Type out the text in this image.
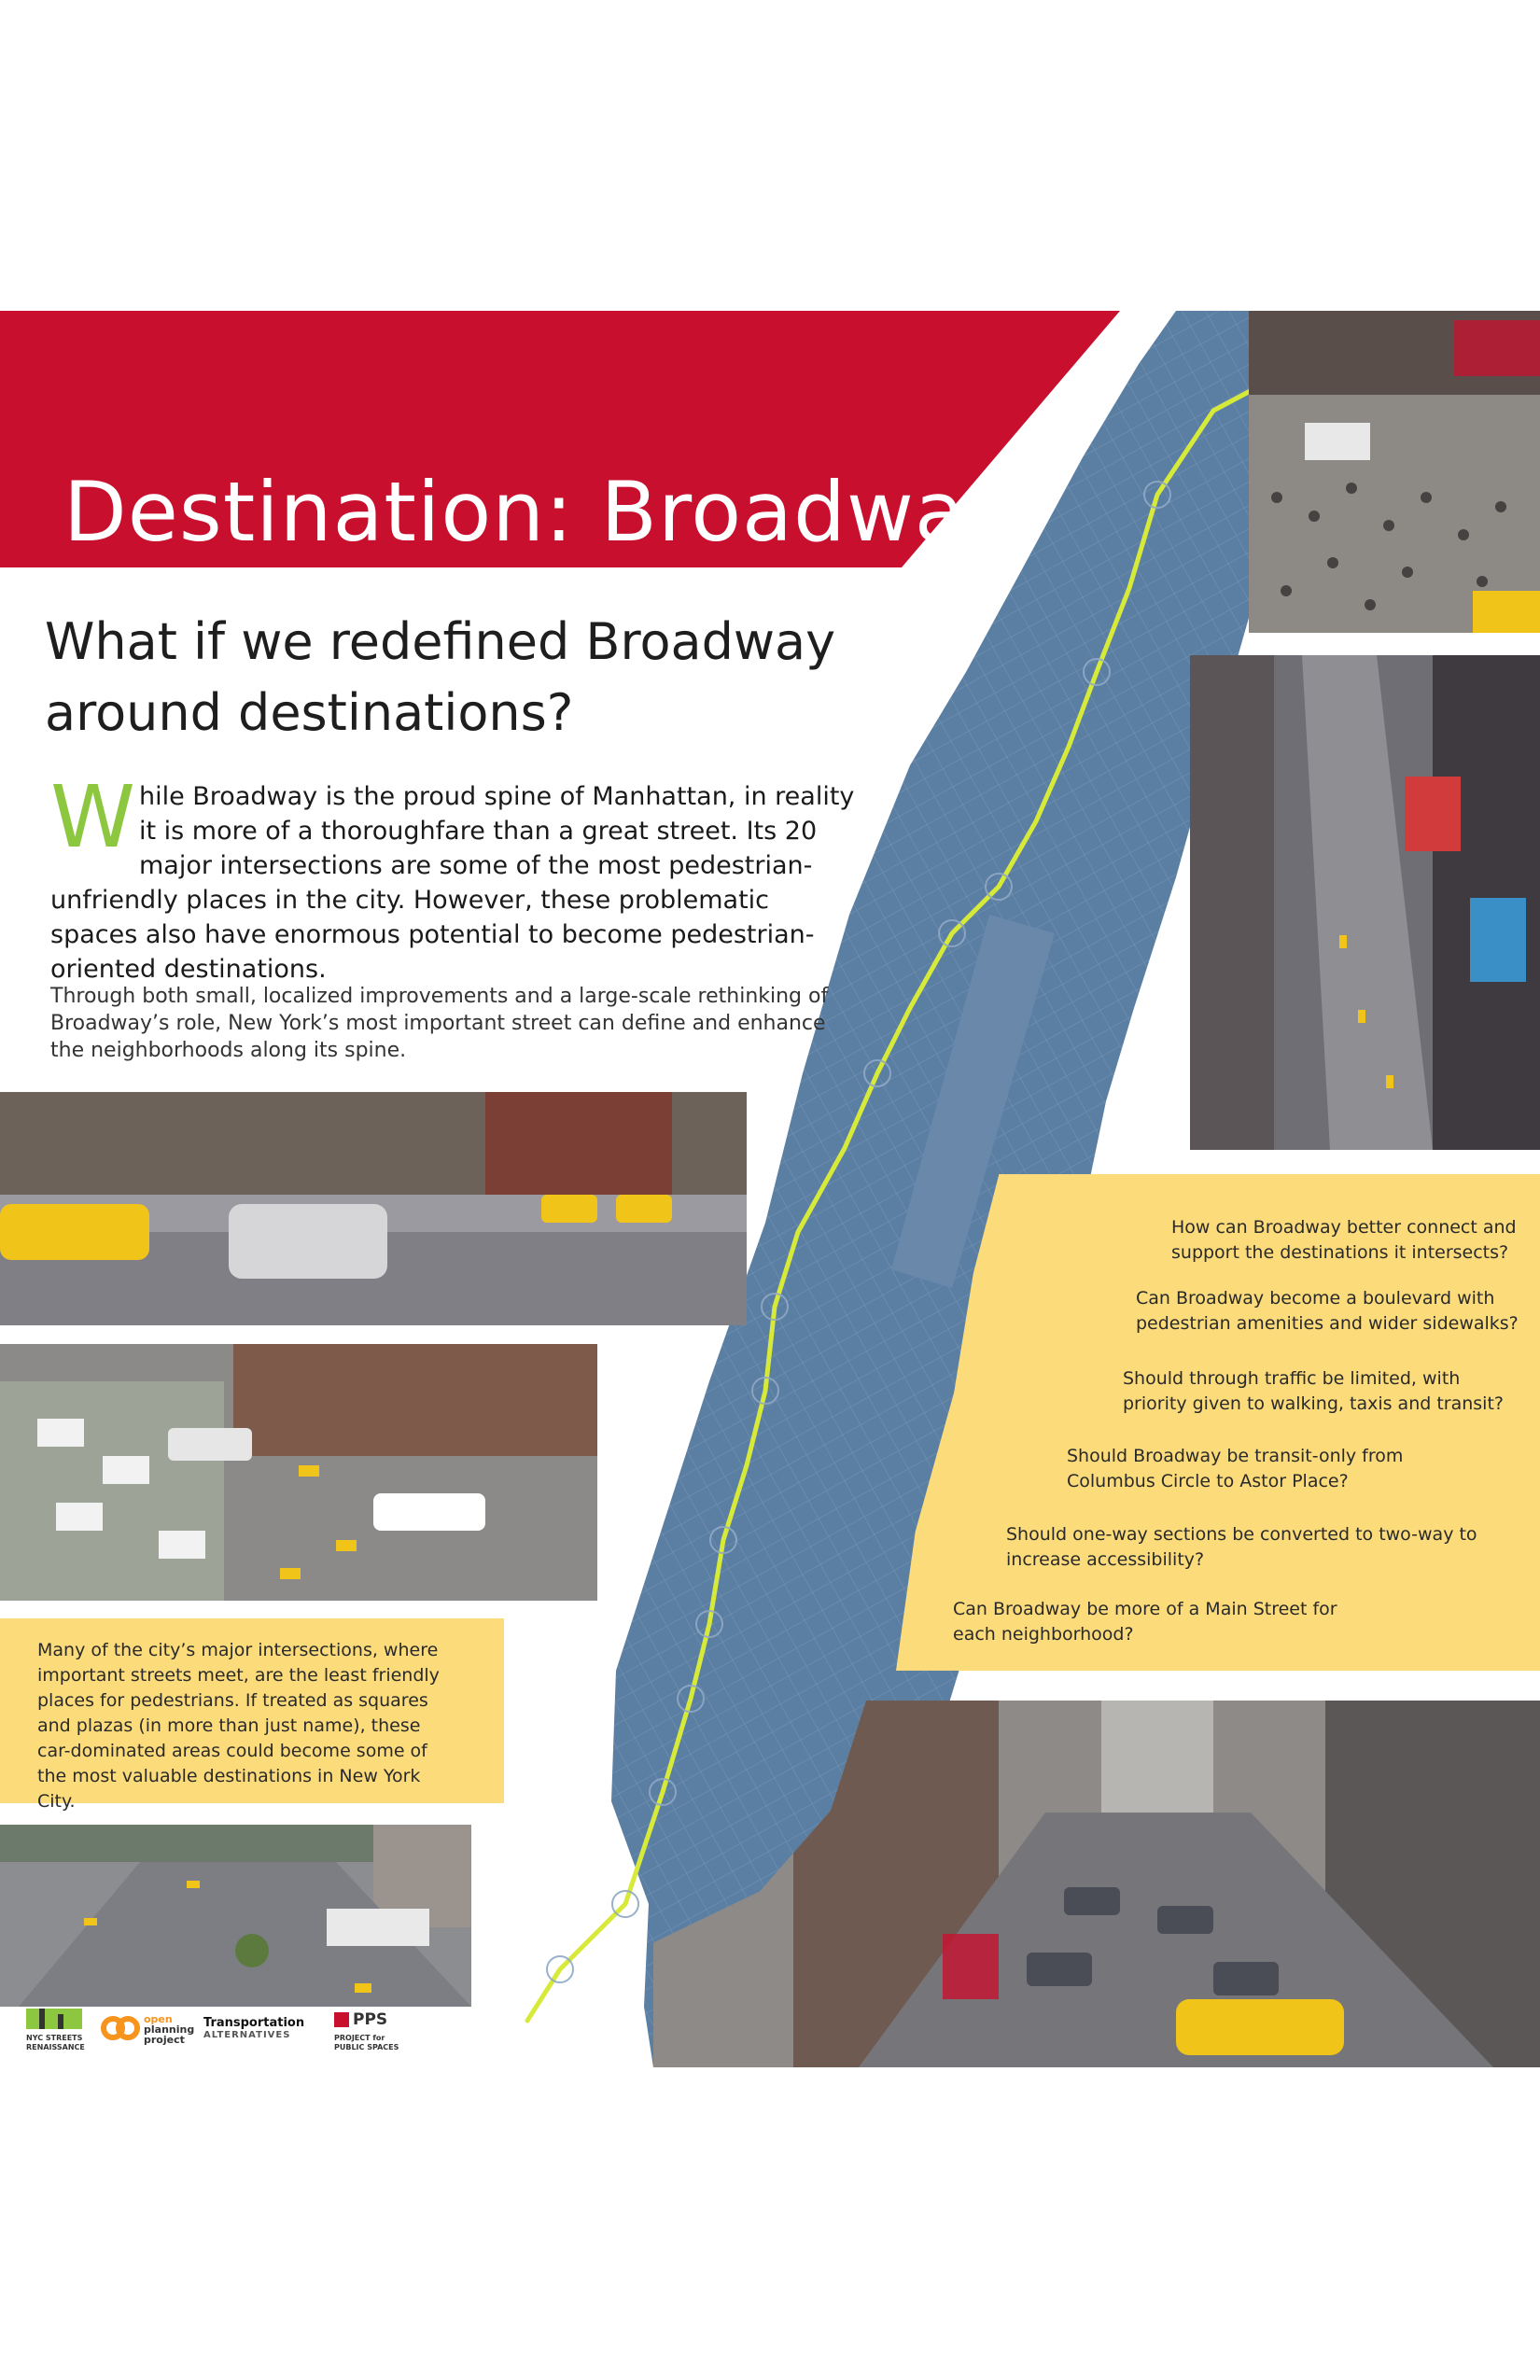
Destination: Broadway
What if we redefined Broadway around destinations?

While Broadway is the proud spine of Manhattan, in reality it is more of a thoroughfare than a great street. Its 20 major intersections are some of the most pedestrian-unfriendly places in the city. However, these problematic spaces also have enormous potential to become pedestrian-oriented destinations.

Through both small, localized improvements and a large-scale rethinking of Broadway’s role, New York’s most important street can define and enhance the neighborhoods along its spine.

Many of the city’s major intersections, where important streets meet, are the least friendly places for pedestrians. If treated as squares and plazas (in more than just name), these car-dominated areas could become some of the most valuable destinations in New York City.

How can Broadway better connect and support the destinations it intersects?

Can Broadway become a boulevard with pedestrian amenities and wider sidewalks?

Should through traffic be limited, with priority given to walking, taxis and transit?

Should Broadway be transit-only from Columbus Circle to Astor Place?

Should one-way sections be converted to two-way to increase accessibility?

Can Broadway be more of a Main Street for each neighborhood?

NYC STREETS
RENAISSANCE
open
planning
project
Transportation
ALTERNATIVES
PPS
PROJECT for
PUBLIC SPACES
